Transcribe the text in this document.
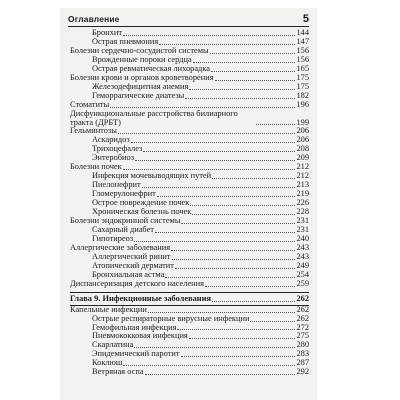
Оглавление	5
Бронхит	144
Острая пневмония	147
Болезни сердечно-сосудистой системы	156
Врожденные пороки сердца	156
Острая ревматическая лихорадка	165
Болезни крови и органов кроветворения	175
Железодефицитная анемия	175
Геморрагические диатезы	182
Стоматиты	196
Дисфункциональные расстройства билиарного тракта (ДРБТ)	199
Гельминтозы	206
Аскаридоз	206
Трихоцефалез	208
Энтеробиоз	209
Болезни почек	212
Инфекция мочевыводящих путей	212
Пиелонефрит	213
Гломерулонефрит	219
Острое повреждение почек	226
Хроническая болезнь почек	228
Болезни эндокринной системы	231
Сахарный диабет	231
Гипотиреоз	240
Аллергические заболевания	243
Аллергический ринит	243
Атопический дерматит	249
Бронхиальная астма	254
Диспансеризация детского населения	259
Глава 9. Инфекционные заболевания	262
Капельные инфекции	262
Острые респираторные вирусные инфекции	262
Гемофильная инфекция	272
Пневмококковая инфекция	275
Скарлатина	280
Эпидемический паротит	283
Коклюш	287
Ветряная оспа	292
